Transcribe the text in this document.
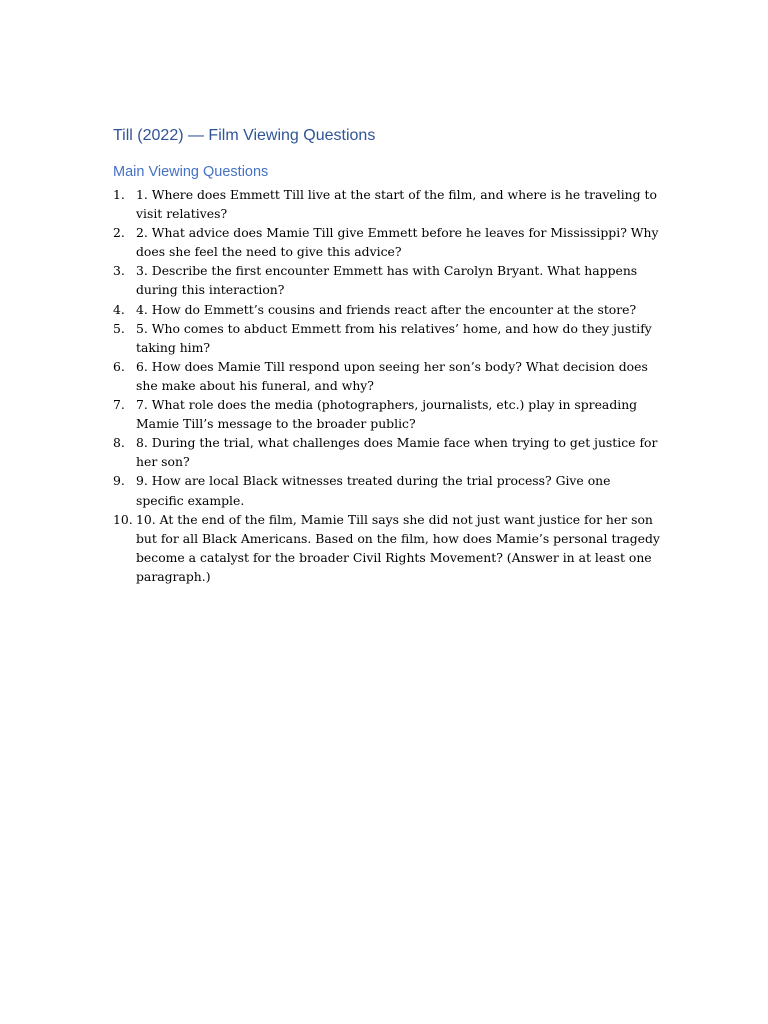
Till (2022) — Film Viewing Questions
Main Viewing Questions
1. 1. Where does Emmett Till live at the start of the film, and where is he traveling to visit relatives?
2. 2. What advice does Mamie Till give Emmett before he leaves for Mississippi? Why does she feel the need to give this advice?
3. 3. Describe the first encounter Emmett has with Carolyn Bryant. What happens during this interaction?
4. 4. How do Emmett’s cousins and friends react after the encounter at the store?
5. 5. Who comes to abduct Emmett from his relatives’ home, and how do they justify taking him?
6. 6. How does Mamie Till respond upon seeing her son’s body? What decision does she make about his funeral, and why?
7. 7. What role does the media (photographers, journalists, etc.) play in spreading Mamie Till’s message to the broader public?
8. 8. During the trial, what challenges does Mamie face when trying to get justice for her son?
9. 9. How are local Black witnesses treated during the trial process? Give one specific example.
10. 10. At the end of the film, Mamie Till says she did not just want justice for her son but for all Black Americans. Based on the film, how does Mamie’s personal tragedy become a catalyst for the broader Civil Rights Movement? (Answer in at least one paragraph.)
